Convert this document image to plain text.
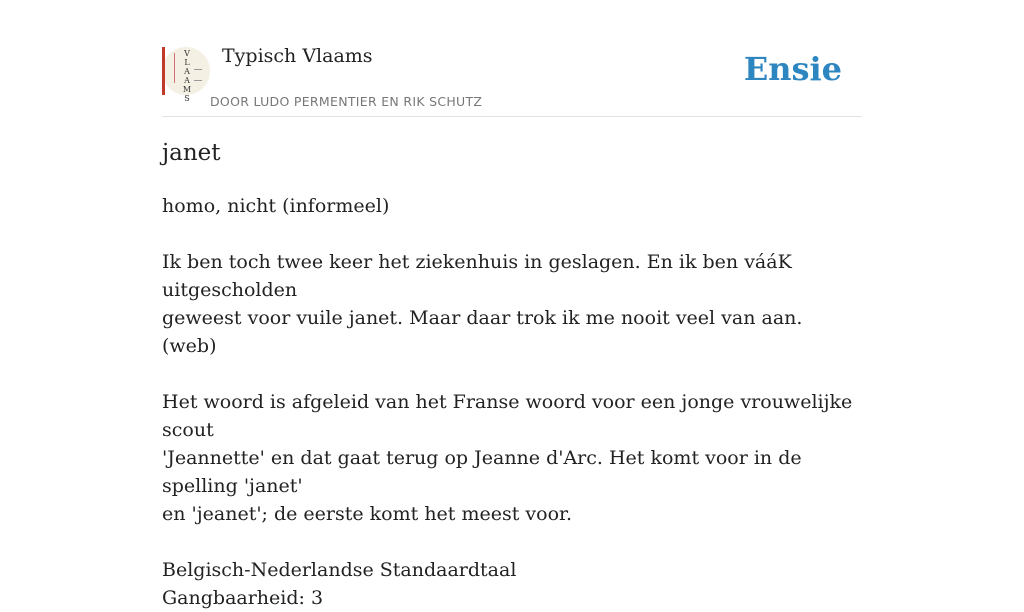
V
L
A
A
M
S
Typisch Vlaams
DOOR LUDO PERMENTIER EN RIK SCHUTZ
Ensie
janet

homo, nicht (informeel)

Ik ben toch twee keer het ziekenhuis in geslagen. En ik ben vááK uitgescholden

geweest voor vuile janet. Maar daar trok ik me nooit veel van aan.

(web)

Het woord is afgeleid van het Franse woord voor een jonge vrouwelijke scout

'Jeannette' en dat gaat terug op Jeanne d'Arc. Het komt voor in de spelling 'janet'

en 'jeanet'; de eerste komt het meest voor.

Belgisch-Nederlandse Standaardtaal

Gangbaarheid: 3
